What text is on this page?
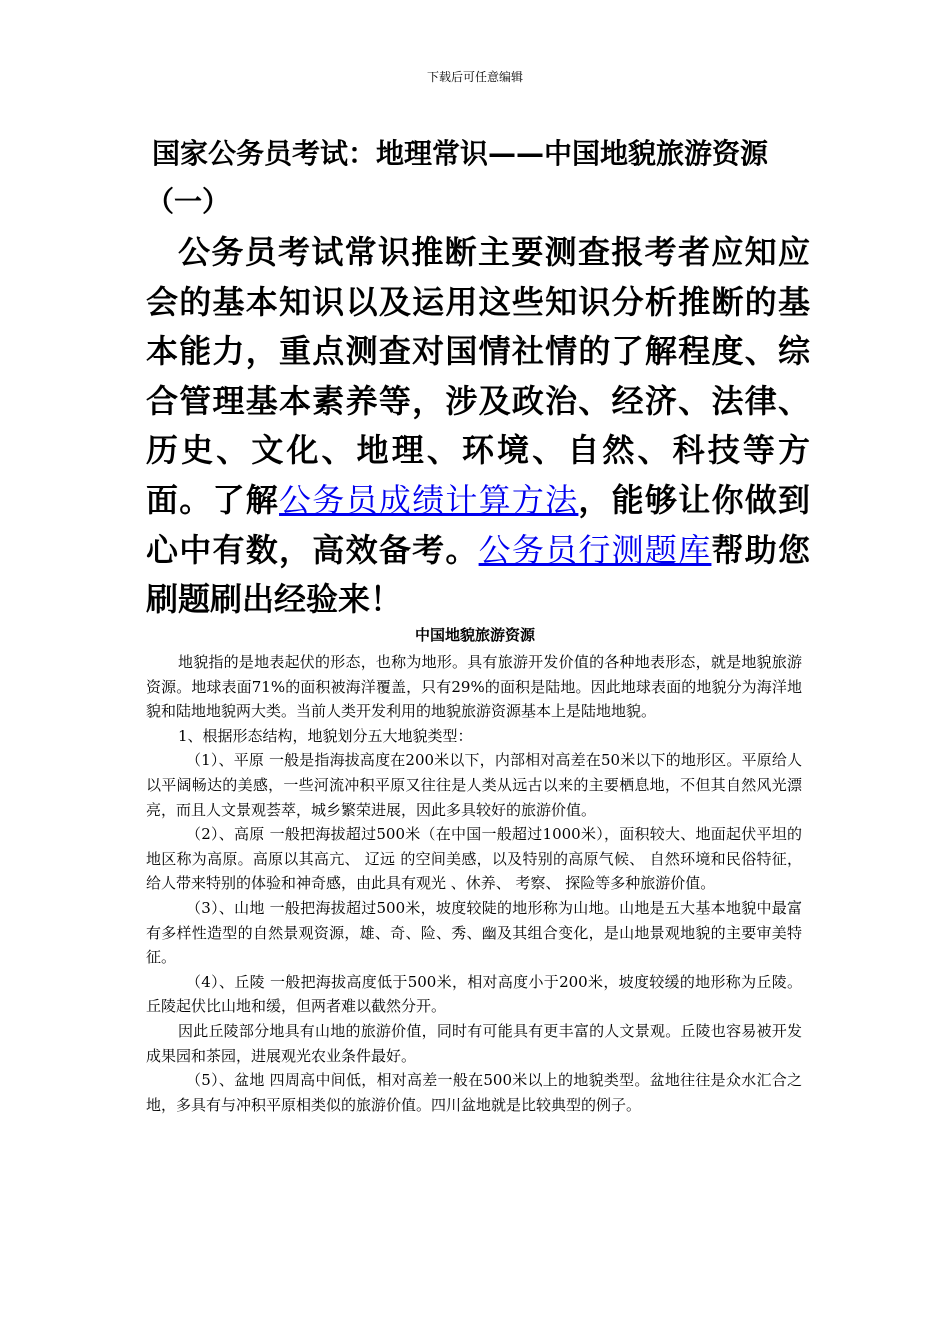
下载后可任意编辑
国家公务员考试：地理常识——中国地貌旅游资源
（一）

公务员考试常识推断主要测查报考者应知应会的基本知识以及运用这些知识分析推断的基本能力，重点测查对国情社情的了解程度、综合管理基本素养等，涉及政治、经济、法律、历史、文化、地理、环境、自然、科技等方面。了解公务员成绩计算方法，能够让你做到心中有数，高效备考。公务员行测题库帮助您刷题刷出经验来！

中国地貌旅游资源

地貌指的是地表起伏的形态，也称为地形。具有旅游开发价值的各种地表形态，就是地貌旅游资源。地球表面71%的面积被海洋覆盖，只有29%的面积是陆地。因此地球表面的地貌分为海洋地貌和陆地地貌两大类。当前人类开发利用的地貌旅游资源基本上是陆地地貌。

1、根据形态结构，地貌划分五大地貌类型：

（1）、平原 一般是指海拔高度在200米以下，内部相对高差在50米以下的地形区。平原给人以平阔畅达的美感，一些河流冲积平原又往往是人类从远古以来的主要栖息地，不但其自然风光漂亮，而且人文景观荟萃，城乡繁荣进展，因此多具较好的旅游价值。

（2）、高原 一般把海拔超过500米（在中国一般超过1000米），面积较大、地面起伏平坦的地区称为高原。高原以其高亢、 辽远 的空间美感，以及特别的高原气候、 自然环境和民俗特征，给人带来特别的体验和神奇感，由此具有观光 、休养、 考察、 探险等多种旅游价值。

（3）、山地 一般把海拔超过500米，坡度较陡的地形称为山地。山地是五大基本地貌中最富有多样性造型的自然景观资源，雄、奇、险、秀、幽及其组合变化，是山地景观地貌的主要审美特征。

（4）、丘陵 一般把海拔高度低于500米，相对高度小于200米，坡度较缓的地形称为丘陵。丘陵起伏比山地和缓，但两者难以截然分开。

因此丘陵部分地具有山地的旅游价值，同时有可能具有更丰富的人文景观。丘陵也容易被开发成果园和茶园，进展观光农业条件最好。

（5）、盆地 四周高中间低，相对高差一般在500米以上的地貌类型。盆地往往是众水汇合之地，多具有与冲积平原相类似的旅游价值。四川盆地就是比较典型的例子。
